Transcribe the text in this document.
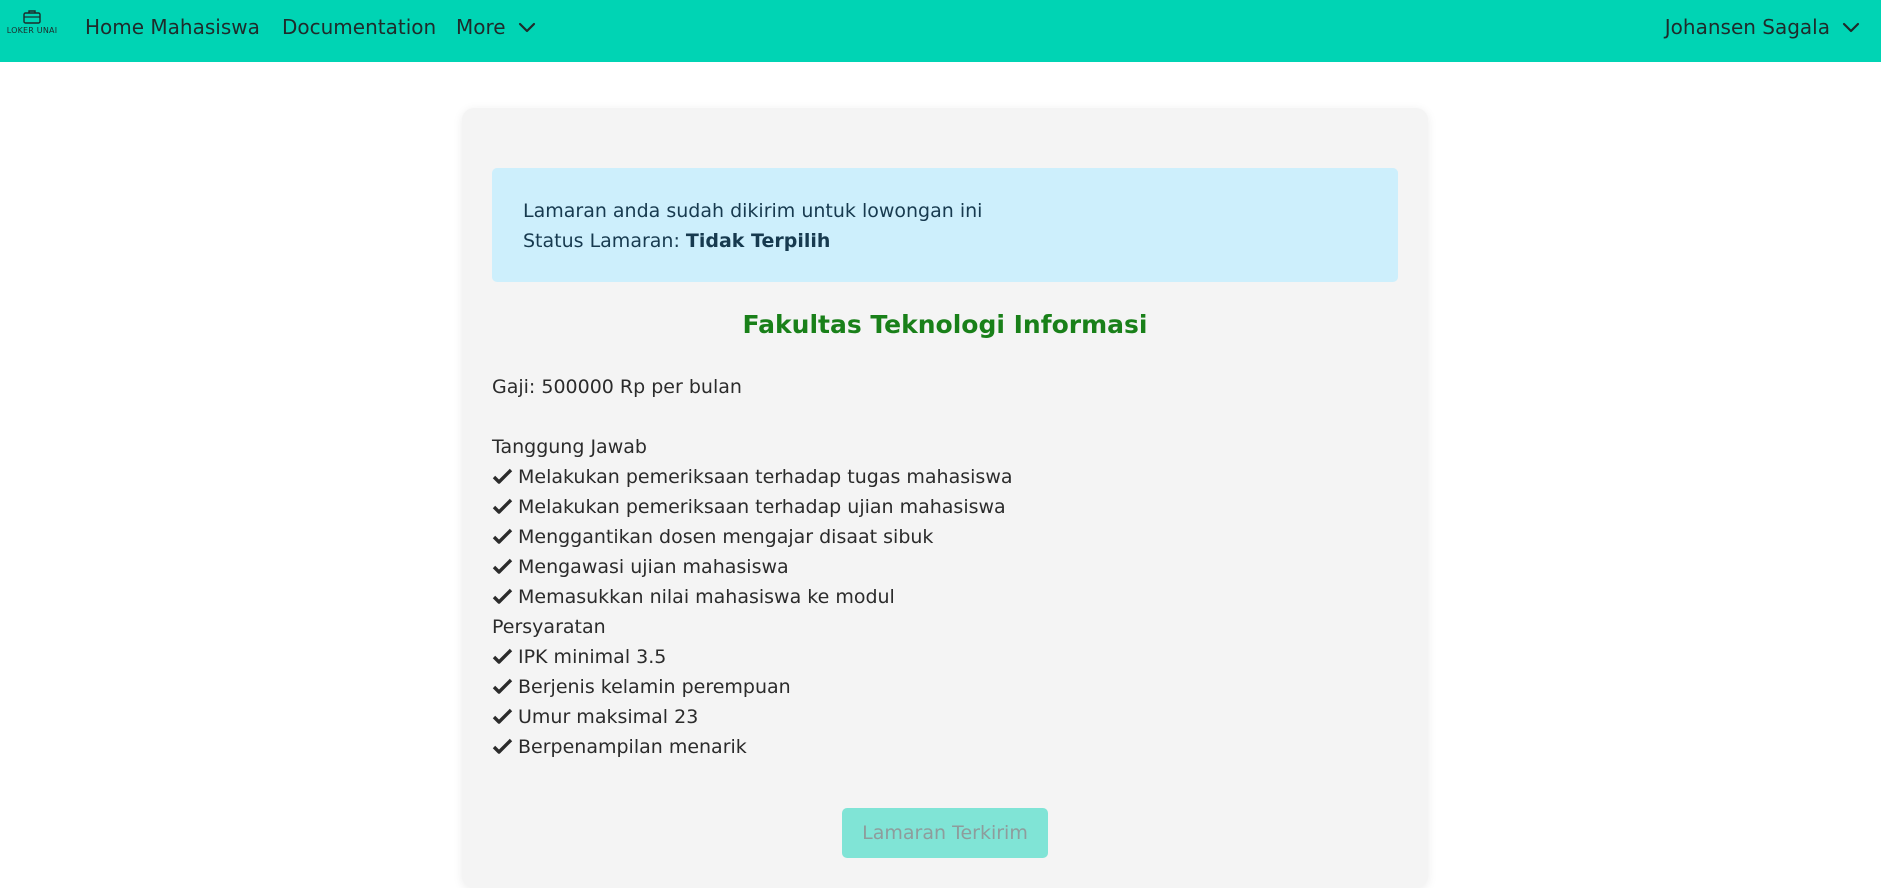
LOKER UNAI Home Mahasiswa Documentation More	Johansen Sagala
Lamaran anda sudah dikirim untuk lowongan ini
Status Lamaran: Tidak Terpilih
Fakultas Teknologi Informasi
Gaji: 500000 Rp per bulan
Tanggung Jawab
Melakukan pemeriksaan terhadap tugas mahasiswa
Melakukan pemeriksaan terhadap ujian mahasiswa
Menggantikan dosen mengajar disaat sibuk
Mengawasi ujian mahasiswa
Memasukkan nilai mahasiswa ke modul
Persyaratan
IPK minimal 3.5
Berjenis kelamin perempuan
Umur maksimal 23
Berpenampilan menarik
Lamaran Terkirim
